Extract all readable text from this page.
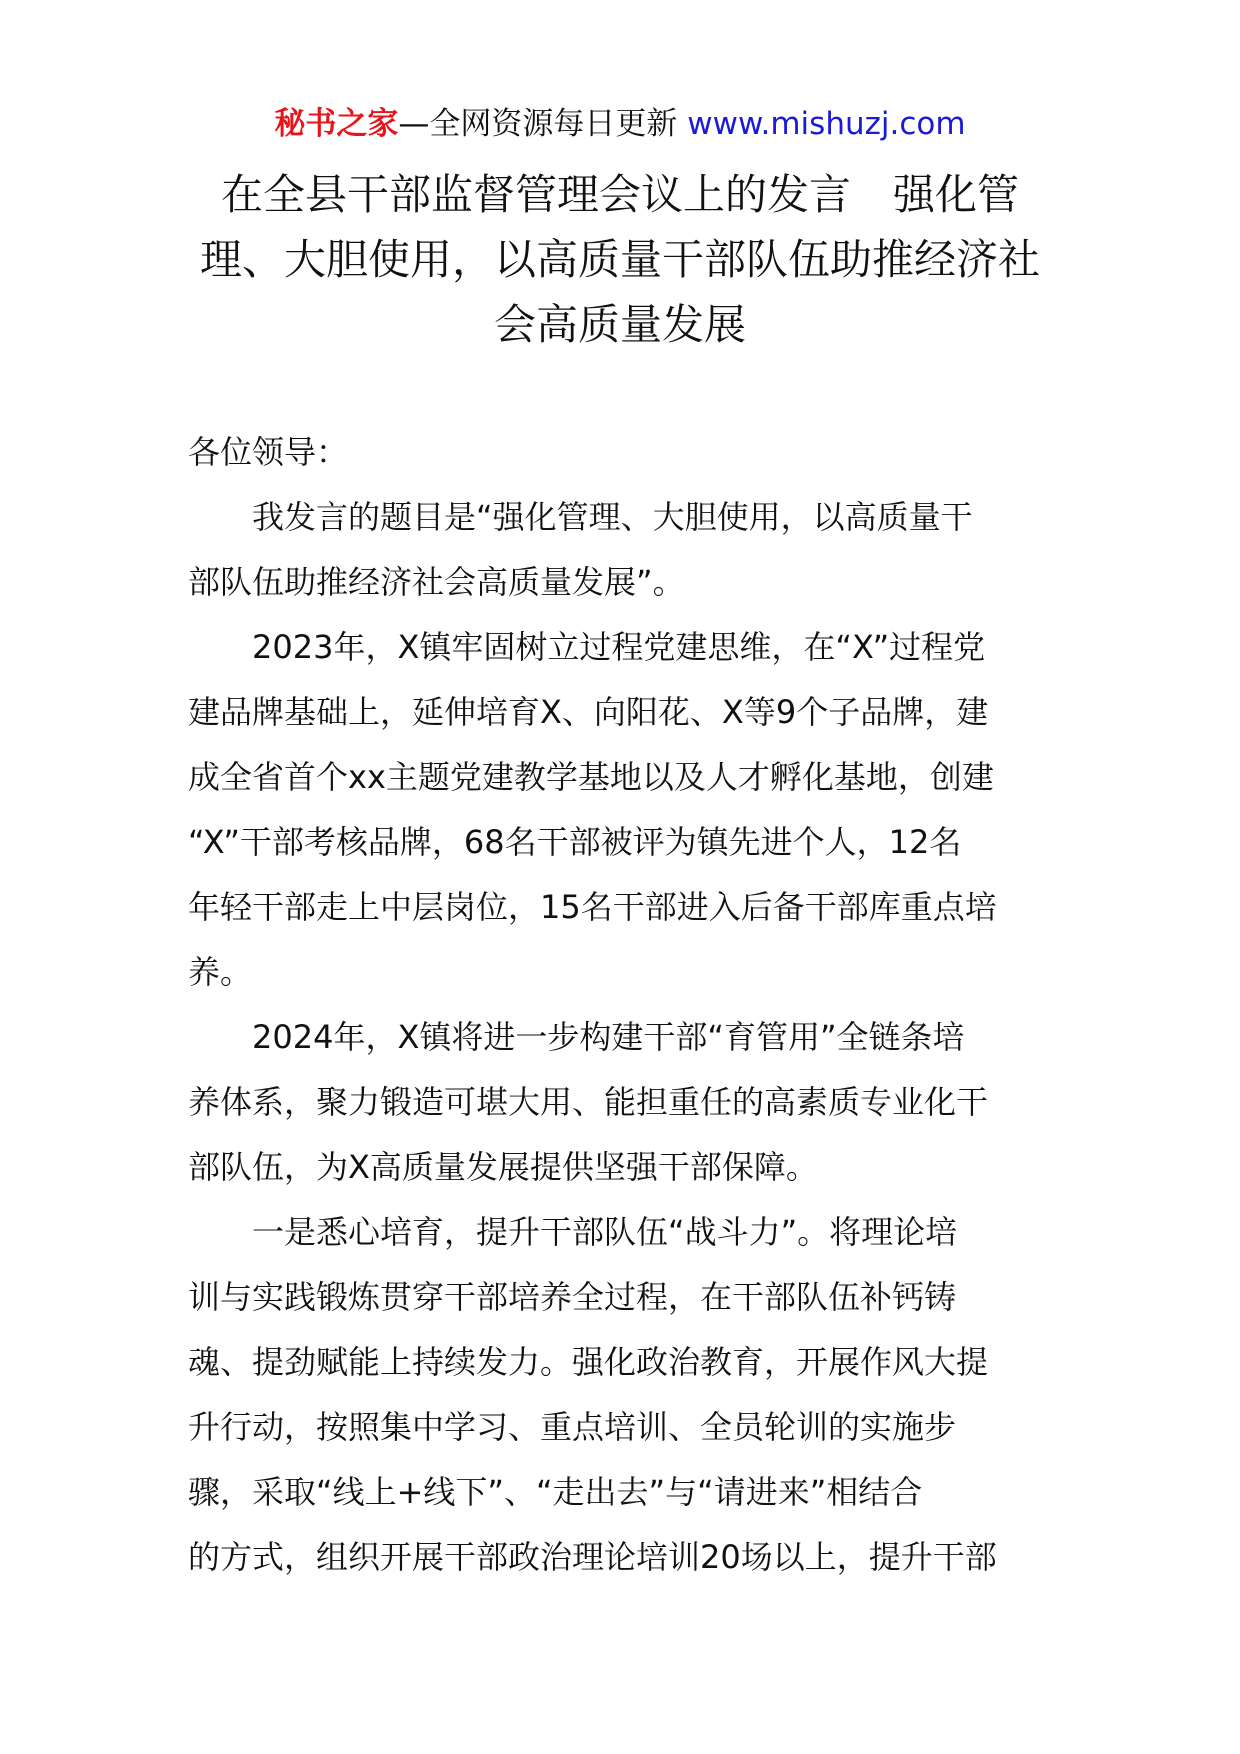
秘书之家—全网资源每日更新 www.mishuzj.com
在全县干部监督管理会议上的发言　强化管
理、大胆使用，以高质量干部队伍助推经济社
会高质量发展

各位领导：

我发言的题目是“强化管理、大胆使用，以高质量干
部队伍助推经济社会高质量发展”。

2023年，X镇牢固树立过程党建思维，在“X”过程党
建品牌基础上，延伸培育X、向阳花、X等9个子品牌，建
成全省首个xx主题党建教学基地以及人才孵化基地，创建
“X”干部考核品牌，68名干部被评为镇先进个人，12名
年轻干部走上中层岗位，15名干部进入后备干部库重点培
养。

2024年，X镇将进一步构建干部“育管用”全链条培
养体系，聚力锻造可堪大用、能担重任的高素质专业化干
部队伍，为X高质量发展提供坚强干部保障。

一是悉心培育，提升干部队伍“战斗力”。将理论培
训与实践锻炼贯穿干部培养全过程，在干部队伍补钙铸
魂、提劲赋能上持续发力。强化政治教育，开展作风大提
升行动，按照集中学习、重点培训、全员轮训的实施步
骤，采取“线上+线下”、“走出去”与“请进来”相结合
的方式，组织开展干部政治理论培训20场以上，提升干部
